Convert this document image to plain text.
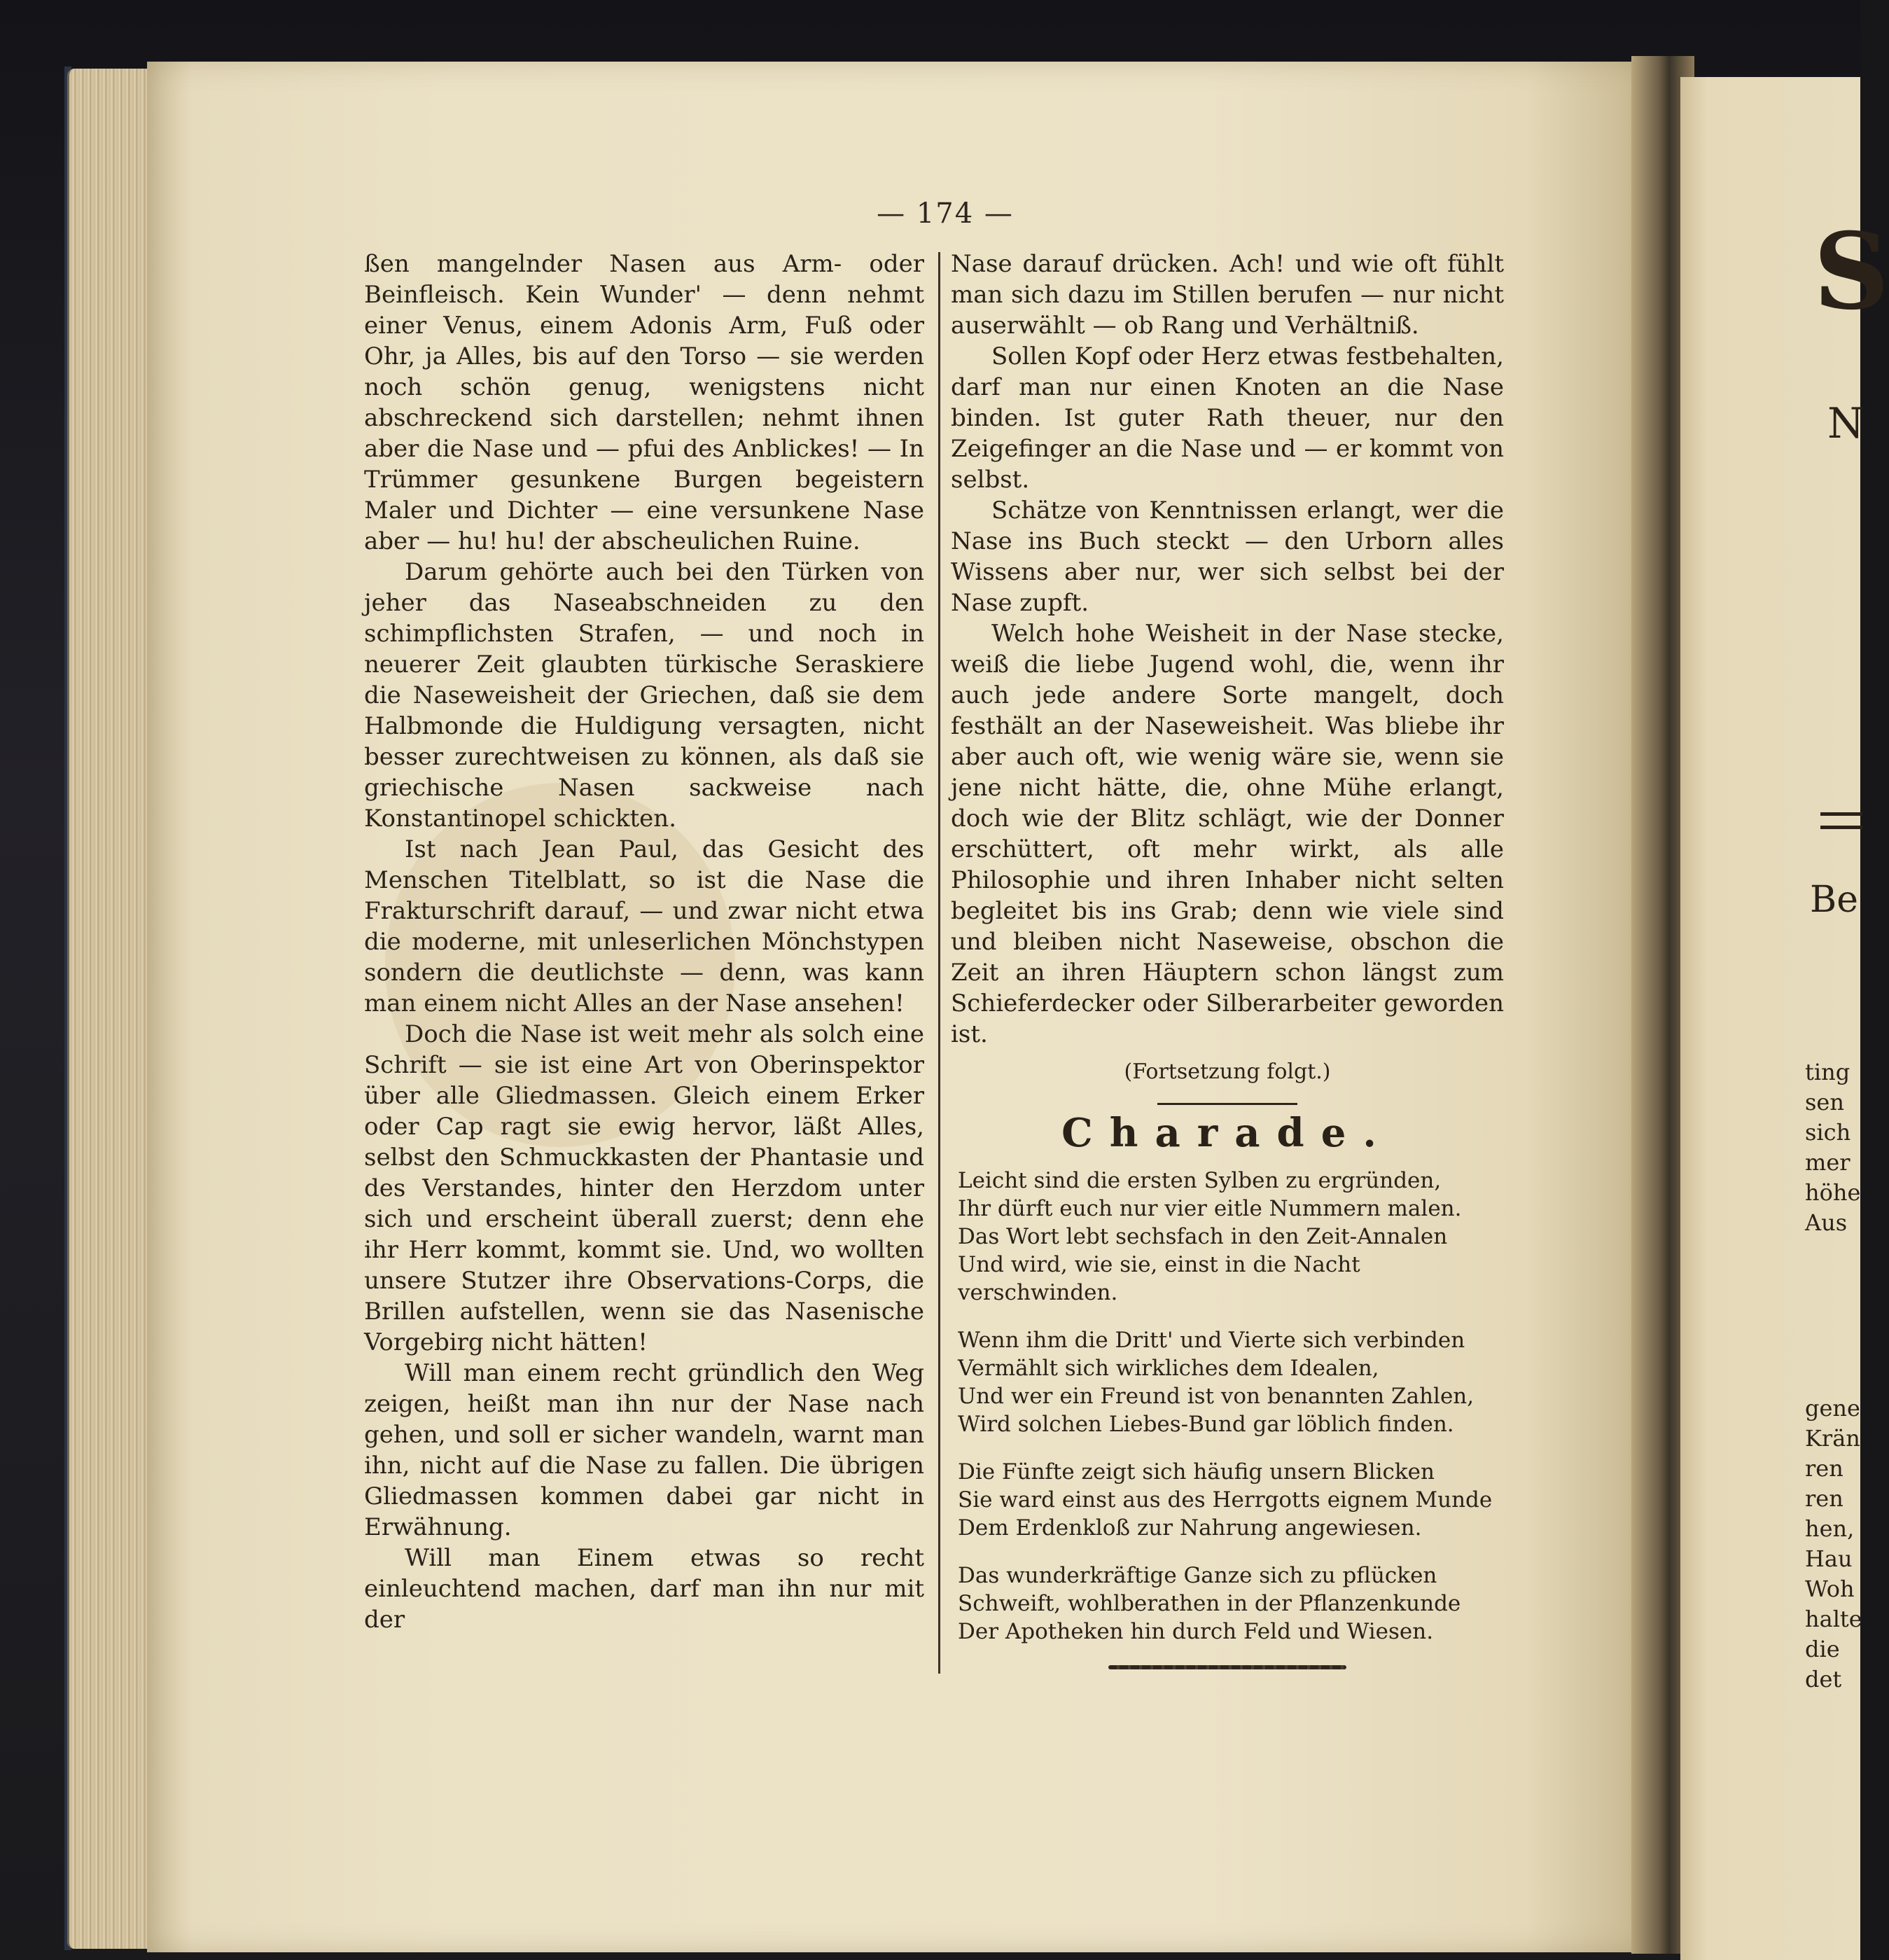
S
N
Be
ting
sen
sich
mer
höhe
Aus
gene
Krän
ren
ren
hen,
Hau
Woh
halte
die
det
— 174 —

ßen mangelnder Nasen aus Arm- oder Beinfleisch. Kein Wunder' — denn nehmt einer Venus, einem Adonis Arm, Fuß oder Ohr, ja Alles, bis auf den Torso — sie werden noch schön genug, wenigstens nicht abschreckend sich darstellen; nehmt ihnen aber die Nase und — pfui des Anblickes! — In Trümmer gesunkene Burgen begeistern Maler und Dichter — eine versunkene Nase aber — hu! hu! der abscheulichen Ruine.

Darum gehörte auch bei den Türken von jeher das Naseabschneiden zu den schimpflichsten Strafen, — und noch in neuerer Zeit glaubten türkische Seraskiere die Naseweisheit der Griechen, daß sie dem Halbmonde die Huldigung versagten, nicht besser zurechtweisen zu können, als daß sie griechische Nasen sackweise nach Konstantinopel schickten.

Ist nach Jean Paul, das Gesicht des Menschen Titelblatt, so ist die Nase die Frakturschrift darauf, — und zwar nicht etwa die moderne, mit unleserlichen Mönchstypen sondern die deutlichste — denn, was kann man einem nicht Alles an der Nase ansehen!

Doch die Nase ist weit mehr als solch eine Schrift — sie ist eine Art von Oberinspektor über alle Gliedmassen. Gleich einem Erker oder Cap ragt sie ewig hervor, läßt Alles, selbst den Schmuckkasten der Phantasie und des Verstandes, hinter den Herzdom unter sich und erscheint überall zuerst; denn ehe ihr Herr kommt, kommt sie. Und, wo wollten unsere Stutzer ihre Observations-Corps, die Brillen aufstellen, wenn sie das Nasenische Vorgebirg nicht hätten!

Will man einem recht gründlich den Weg zeigen, heißt man ihn nur der Nase nach gehen, und soll er sicher wandeln, warnt man ihn, nicht auf die Nase zu fallen. Die übrigen Gliedmassen kommen dabei gar nicht in Erwähnung.

Will man Einem etwas so recht einleuchtend machen, darf man ihn nur mit der

Nase darauf drücken. Ach! und wie oft fühlt man sich dazu im Stillen berufen — nur nicht auserwählt — ob Rang und Verhältniß.

Sollen Kopf oder Herz etwas festbehalten, darf man nur einen Knoten an die Nase binden. Ist guter Rath theuer, nur den Zeigefinger an die Nase und — er kommt von selbst.

Schätze von Kenntnissen erlangt, wer die Nase ins Buch steckt — den Urborn alles Wissens aber nur, wer sich selbst bei der Nase zupft.

Welch hohe Weisheit in der Nase stecke, weiß die liebe Jugend wohl, die, wenn ihr auch jede andere Sorte mangelt, doch festhält an der Naseweisheit. Was bliebe ihr aber auch oft, wie wenig wäre sie, wenn sie jene nicht hätte, die, ohne Mühe erlangt, doch wie der Blitz schlägt, wie der Donner erschüttert, oft mehr wirkt, als alle Philosophie und ihren Inhaber nicht selten begleitet bis ins Grab; denn wie viele sind und bleiben nicht Naseweise, obschon die Zeit an ihren Häuptern schon längst zum Schieferdecker oder Silberarbeiter geworden ist.

(Fortsetzung folgt.)

Charade.

Leicht sind die ersten Sylben zu ergründen,
Ihr dürft euch nur vier eitle Nummern malen.
Das Wort lebt sechsfach in den Zeit-Annalen
Und wird, wie sie, einst in die Nacht verschwinden.

Wenn ihm die Dritt' und Vierte sich verbinden
Vermählt sich wirkliches dem Idealen,
Und wer ein Freund ist von benannten Zahlen,
Wird solchen Liebes-Bund gar löblich finden.

Die Fünfte zeigt sich häufig unsern Blicken
Sie ward einst aus des Herrgotts eignem Munde
Dem Erdenkloß zur Nahrung angewiesen.

Das wunderkräftige Ganze sich zu pflücken
Schweift, wohlberathen in der Pflanzenkunde
Der Apotheken hin durch Feld und Wiesen.
